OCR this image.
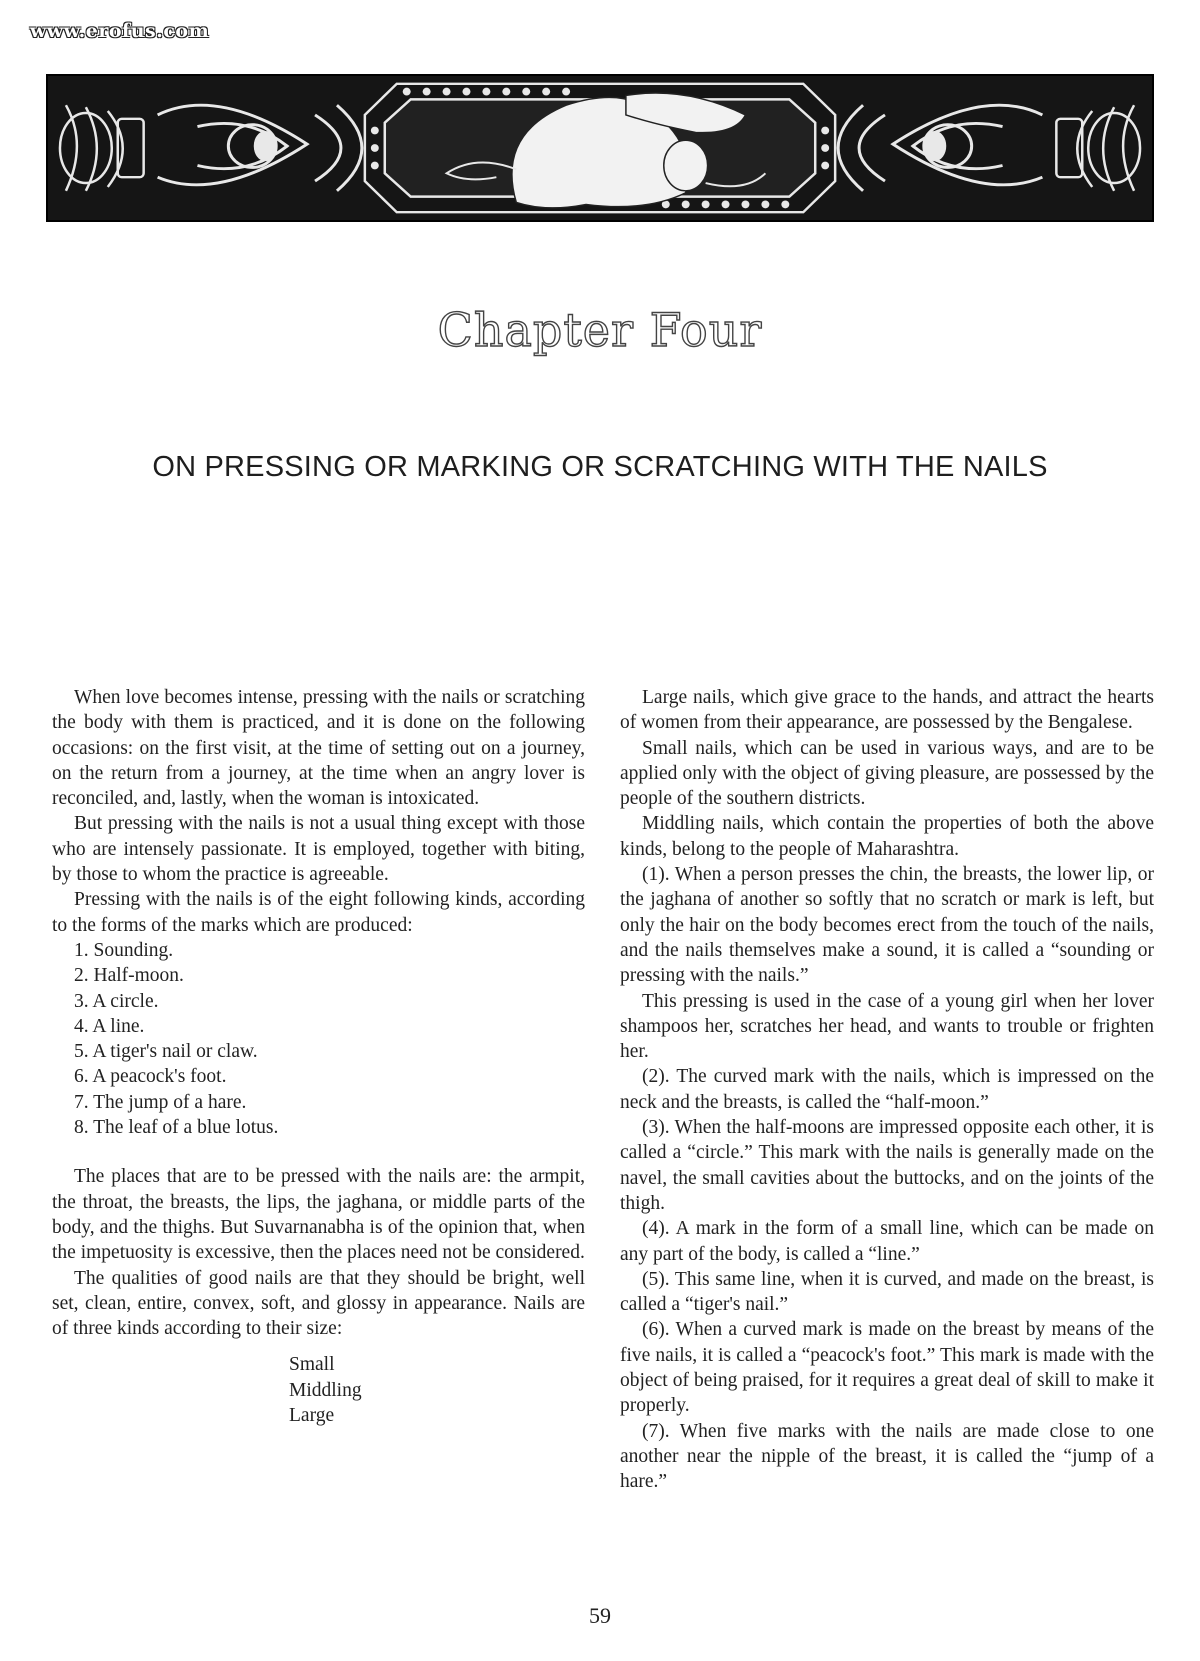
www.erofus.com
Chapter Four
ON PRESSING OR MARKING OR SCRATCHING WITH THE NAILS

When love becomes intense, pressing with the nails or scratching the body with them is practiced, and it is done on the following occasions: on the first visit, at the time of setting out on a journey, on the return from a journey, at the time when an angry lover is reconciled, and, lastly, when the woman is intoxicated.

But pressing with the nails is not a usual thing except with those who are intensely passionate. It is employed, together with biting, by those to whom the practice is agreeable.

Pressing with the nails is of the eight following kinds, according to the forms of the marks which are produced:

1. Sounding.
2. Half-moon.
3. A circle.
4. A line.
5. A tiger's nail or claw.
6. A peacock's foot.
7. The jump of a hare.
8. The leaf of a blue lotus.

The places that are to be pressed with the nails are: the armpit, the throat, the breasts, the lips, the jaghana, or middle parts of the body, and the thighs. But Suvarnanabha is of the opinion that, when the impetuosity is excessive, then the places need not be considered.

The qualities of good nails are that they should be bright, well set, clean, entire, convex, soft, and glossy in appearance. Nails are of three kinds according to their size:

Small
Middling
Large

Large nails, which give grace to the hands, and attract the hearts of women from their appearance, are possessed by the Bengalese.

Small nails, which can be used in various ways, and are to be applied only with the object of giving pleasure, are possessed by the people of the southern districts.

Middling nails, which contain the properties of both the above kinds, belong to the people of Maharashtra.

(1). When a person presses the chin, the breasts, the lower lip, or the jaghana of another so softly that no scratch or mark is left, but only the hair on the body becomes erect from the touch of the nails, and the nails themselves make a sound, it is called a “sounding or pressing with the nails.”

This pressing is used in the case of a young girl when her lover shampoos her, scratches her head, and wants to trouble or frighten her.

(2). The curved mark with the nails, which is impressed on the neck and the breasts, is called the “half-moon.”

(3). When the half-moons are impressed opposite each other, it is called a “circle.” This mark with the nails is generally made on the navel, the small cavities about the buttocks, and on the joints of the thigh.

(4). A mark in the form of a small line, which can be made on any part of the body, is called a “line.”

(5). This same line, when it is curved, and made on the breast, is called a “tiger's nail.”

(6). When a curved mark is made on the breast by means of the five nails, it is called a “peacock's foot.” This mark is made with the object of being praised, for it requires a great deal of skill to make it properly.

(7). When five marks with the nails are made close to one another near the nipple of the breast, it is called the “jump of a hare.”

59
